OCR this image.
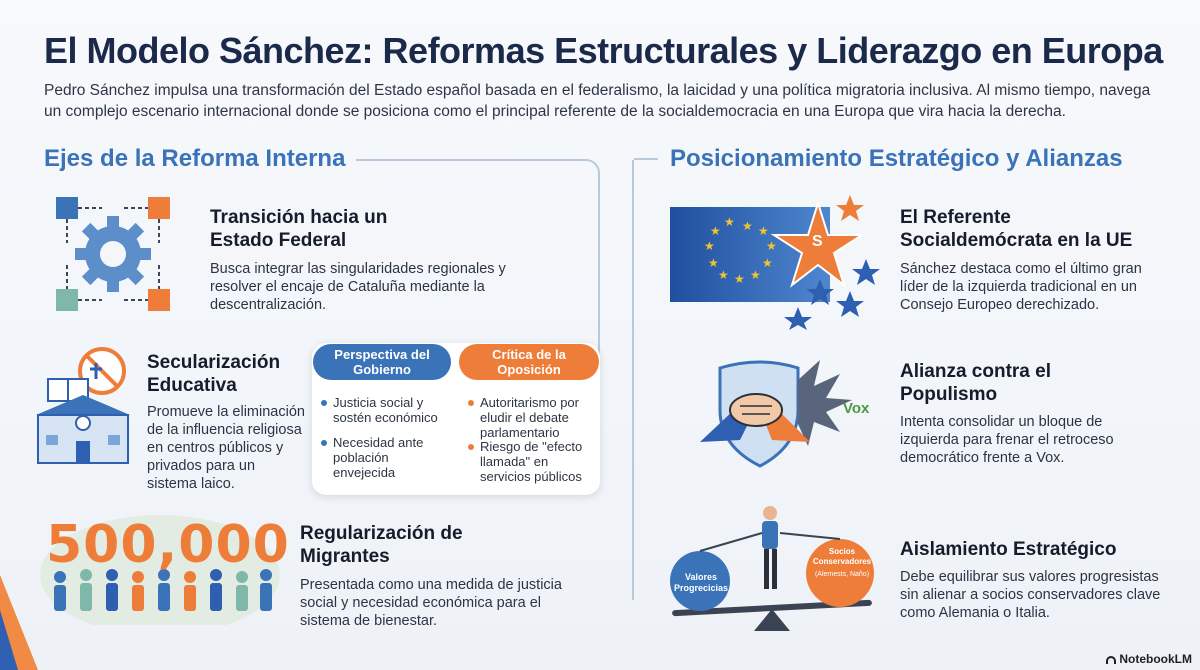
El Modelo Sánchez: Reformas Estructurales y Liderazgo en Europa

Pedro Sánchez impulsa una transformación del Estado español basada en el federalismo, la laicidad y una política migratoria inclusiva. Al mismo tiempo, navega un complejo escenario internacional donde se posiciona como el principal referente de la socialdemocracia en una Europa que vira hacia la derecha.

Ejes de la Reforma Interna
Transición hacia un Estado Federal
Busca integrar las singularidades regionales y resolver el encaje de Cataluña mediante la descentralización.
Secularización Educativa
Promueve la eliminación de la influencia religiosa en centros públicos y privados para un sistema laico.
Perspectiva del Gobierno
Crítica de la Oposición
Justicia social y sostén económico
Necesidad ante población envejecida
Autoritarismo por eludir el debate parlamentario
Riesgo de "efecto llamada" en servicios públicos
500,000 Regularización de Migrantes
Presentada como una medida de justicia social y necesidad económica para el sistema de bienestar.
Posicionamiento Estratégico y Alianzas
★ ★
★
★
★
★
★
★
★
★
★
S
El Referente Socialdemócrata en la UE
Sánchez destaca como el último gran líder de la izquierda tradicional en un Consejo Europeo derechizado.
Vox
Alianza contra el Populismo
Intenta consolidar un bloque de izquierda para frenar el retroceso democrático frente a Vox.
Valores Progrecicias
Socios Conservadores
(Alemests, Naño)
Aislamiento Estratégico
Debe equilibrar sus valores progresistas sin alienar a socios conservadores clave como Alemania o Italia.
NotebookLM
